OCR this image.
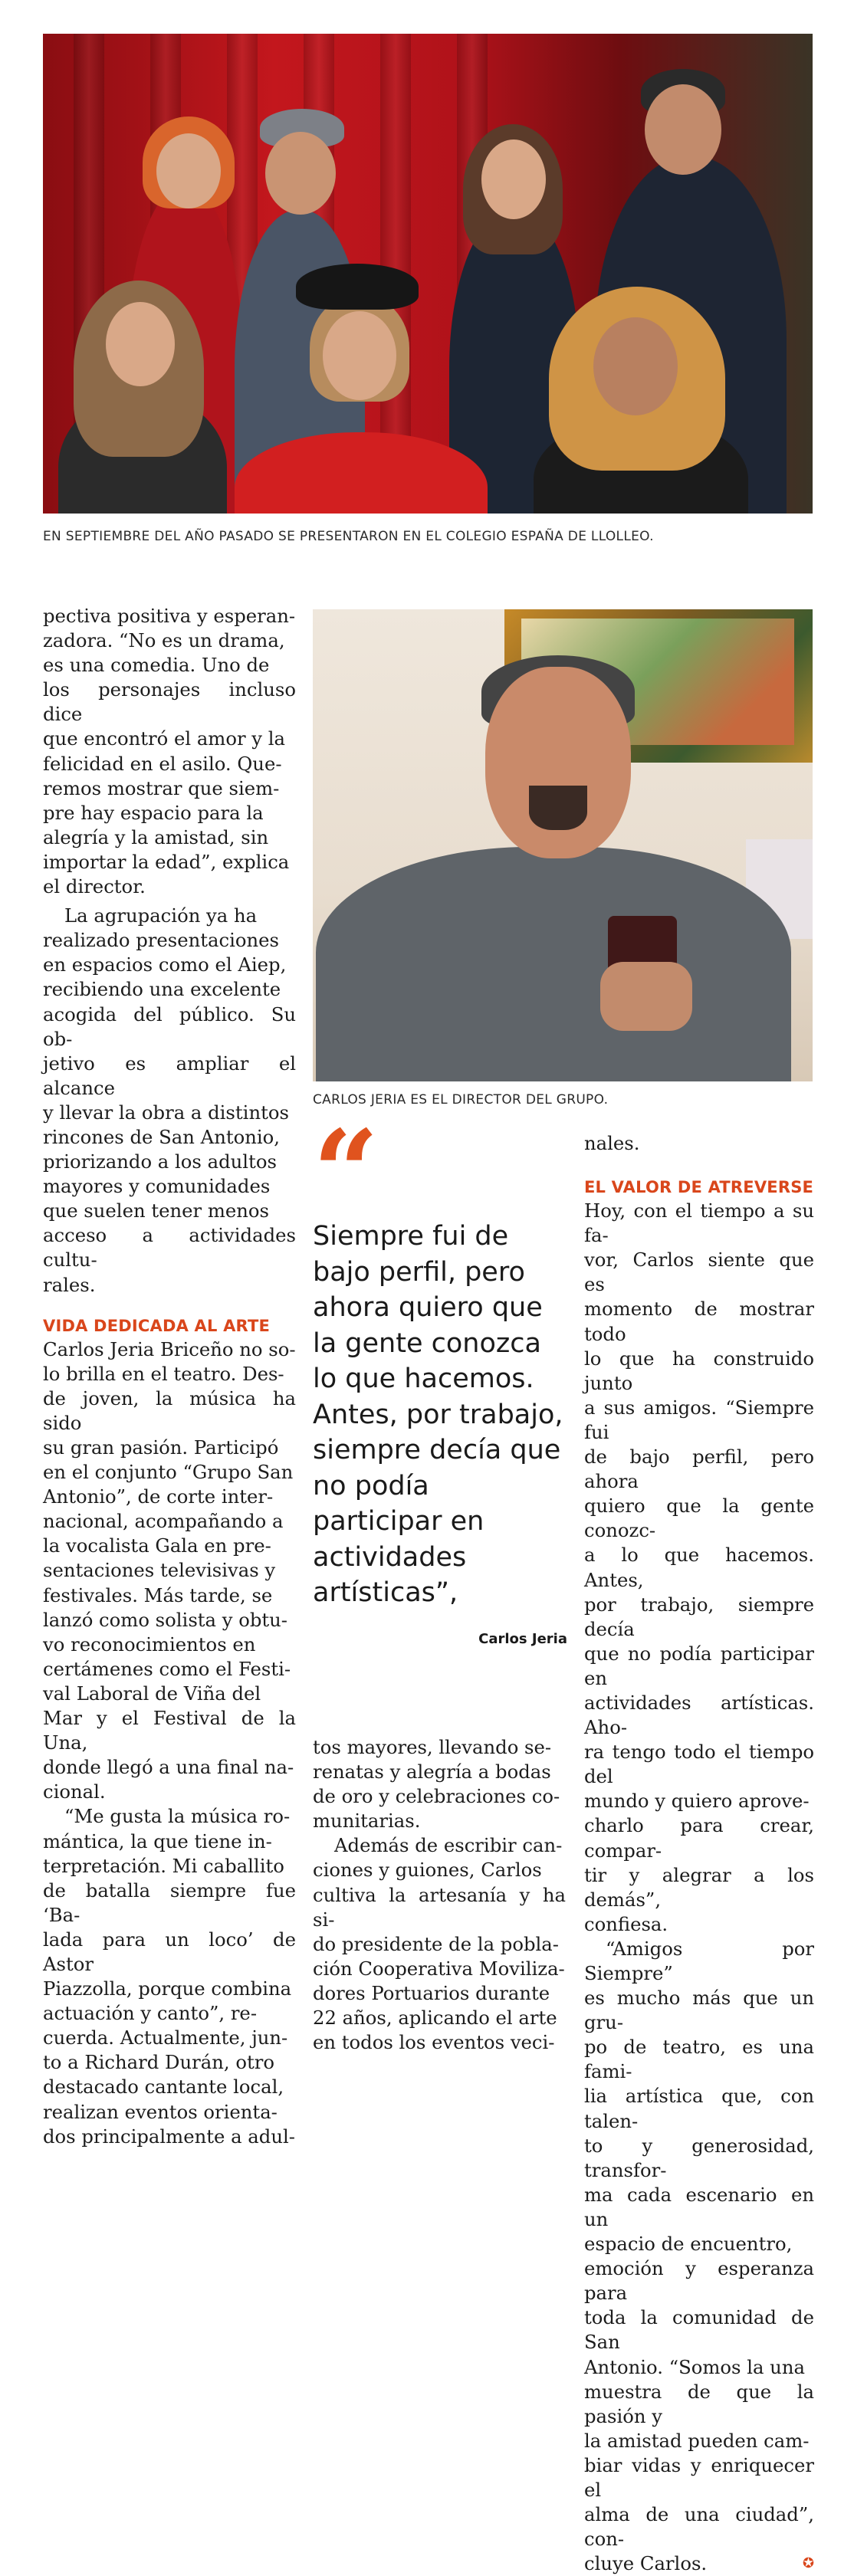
EN SEPTIEMBRE DEL AÑO PASADO SE PRESENTARON EN EL COLEGIO ESPAÑA DE LLOLLEO.
CARLOS JERIA ES EL DIRECTOR DEL GRUPO.
pectiva positiva y esperan-
zadora. “No es un drama,
es una comedia. Uno de
los personajes incluso dice
que encontró el amor y la
felicidad en el asilo. Que-
remos mostrar que siem-
pre hay espacio para la
alegría y la amistad, sin
importar la edad”, explica
el director.
La agrupación ya ha
realizado presentaciones
en espacios como el Aiep,
recibiendo una excelente
acogida del público. Su ob-
jetivo es ampliar el alcance
y llevar la obra a distintos
rincones de San Antonio,
priorizando a los adultos
mayores y comunidades
que suelen tener menos
acceso a actividades cultu-
rales.
VIDA DEDICADA AL ARTE
Carlos Jeria Briceño no so-
lo brilla en el teatro. Des-
de joven, la música ha sido
su gran pasión. Participó
en el conjunto “Grupo San
Antonio”, de corte inter-
nacional, acompañando a
la vocalista Gala en pre-
sentaciones televisivas y
festivales. Más tarde, se
lanzó como solista y obtu-
vo reconocimientos en
certámenes como el Festi-
val Laboral de Viña del
Mar y el Festival de la Una,
donde llegó a una final na-
cional.
“Me gusta la música ro-
mántica, la que tiene in-
terpretación. Mi caballito
de batalla siempre fue ‘Ba-
lada para un loco’ de Astor
Piazzolla, porque combina
actuación y canto”, re-
cuerda. Actualmente, jun-
to a Richard Durán, otro
destacado cantante local,
realizan eventos orienta-
dos principalmente a adul-
“
Siempre fui de
bajo perfil, pero
ahora quiero que
la gente conozca
lo que hacemos.
Antes, por trabajo,
siempre decía que
no podía
participar en
actividades
artísticas”,
Carlos Jeria
tos mayores, llevando se-
renatas y alegría a bodas
de oro y celebraciones co-
munitarias.
Además de escribir can-
ciones y guiones, Carlos
cultiva la artesanía y ha si-
do presidente de la pobla-
ción Cooperativa Moviliza-
dores Portuarios durante
22 años, aplicando el arte
en todos los eventos veci-
nales.
EL VALOR DE ATREVERSE
Hoy, con el tiempo a su fa-
vor, Carlos siente que es
momento de mostrar todo
lo que ha construido junto
a sus amigos. “Siempre fui
de bajo perfil, pero ahora
quiero que la gente conozc-
a lo que hacemos. Antes,
por trabajo, siempre decía
que no podía participar en
actividades artísticas. Aho-
ra tengo todo el tiempo del
mundo y quiero aprove-
charlo para crear, compar-
tir y alegrar a los demás”,
confiesa.
“Amigos por Siempre”
es mucho más que un gru-
po de teatro, es una fami-
lia artística que, con talen-
to y generosidad, transfor-
ma cada escenario en un
espacio de encuentro,
emoción y esperanza para
toda la comunidad de San
Antonio. “Somos la una
muestra de que la pasión y
la amistad pueden cam-
biar vidas y enriquecer el
alma de una ciudad”, con-
cluye Carlos.	✪
